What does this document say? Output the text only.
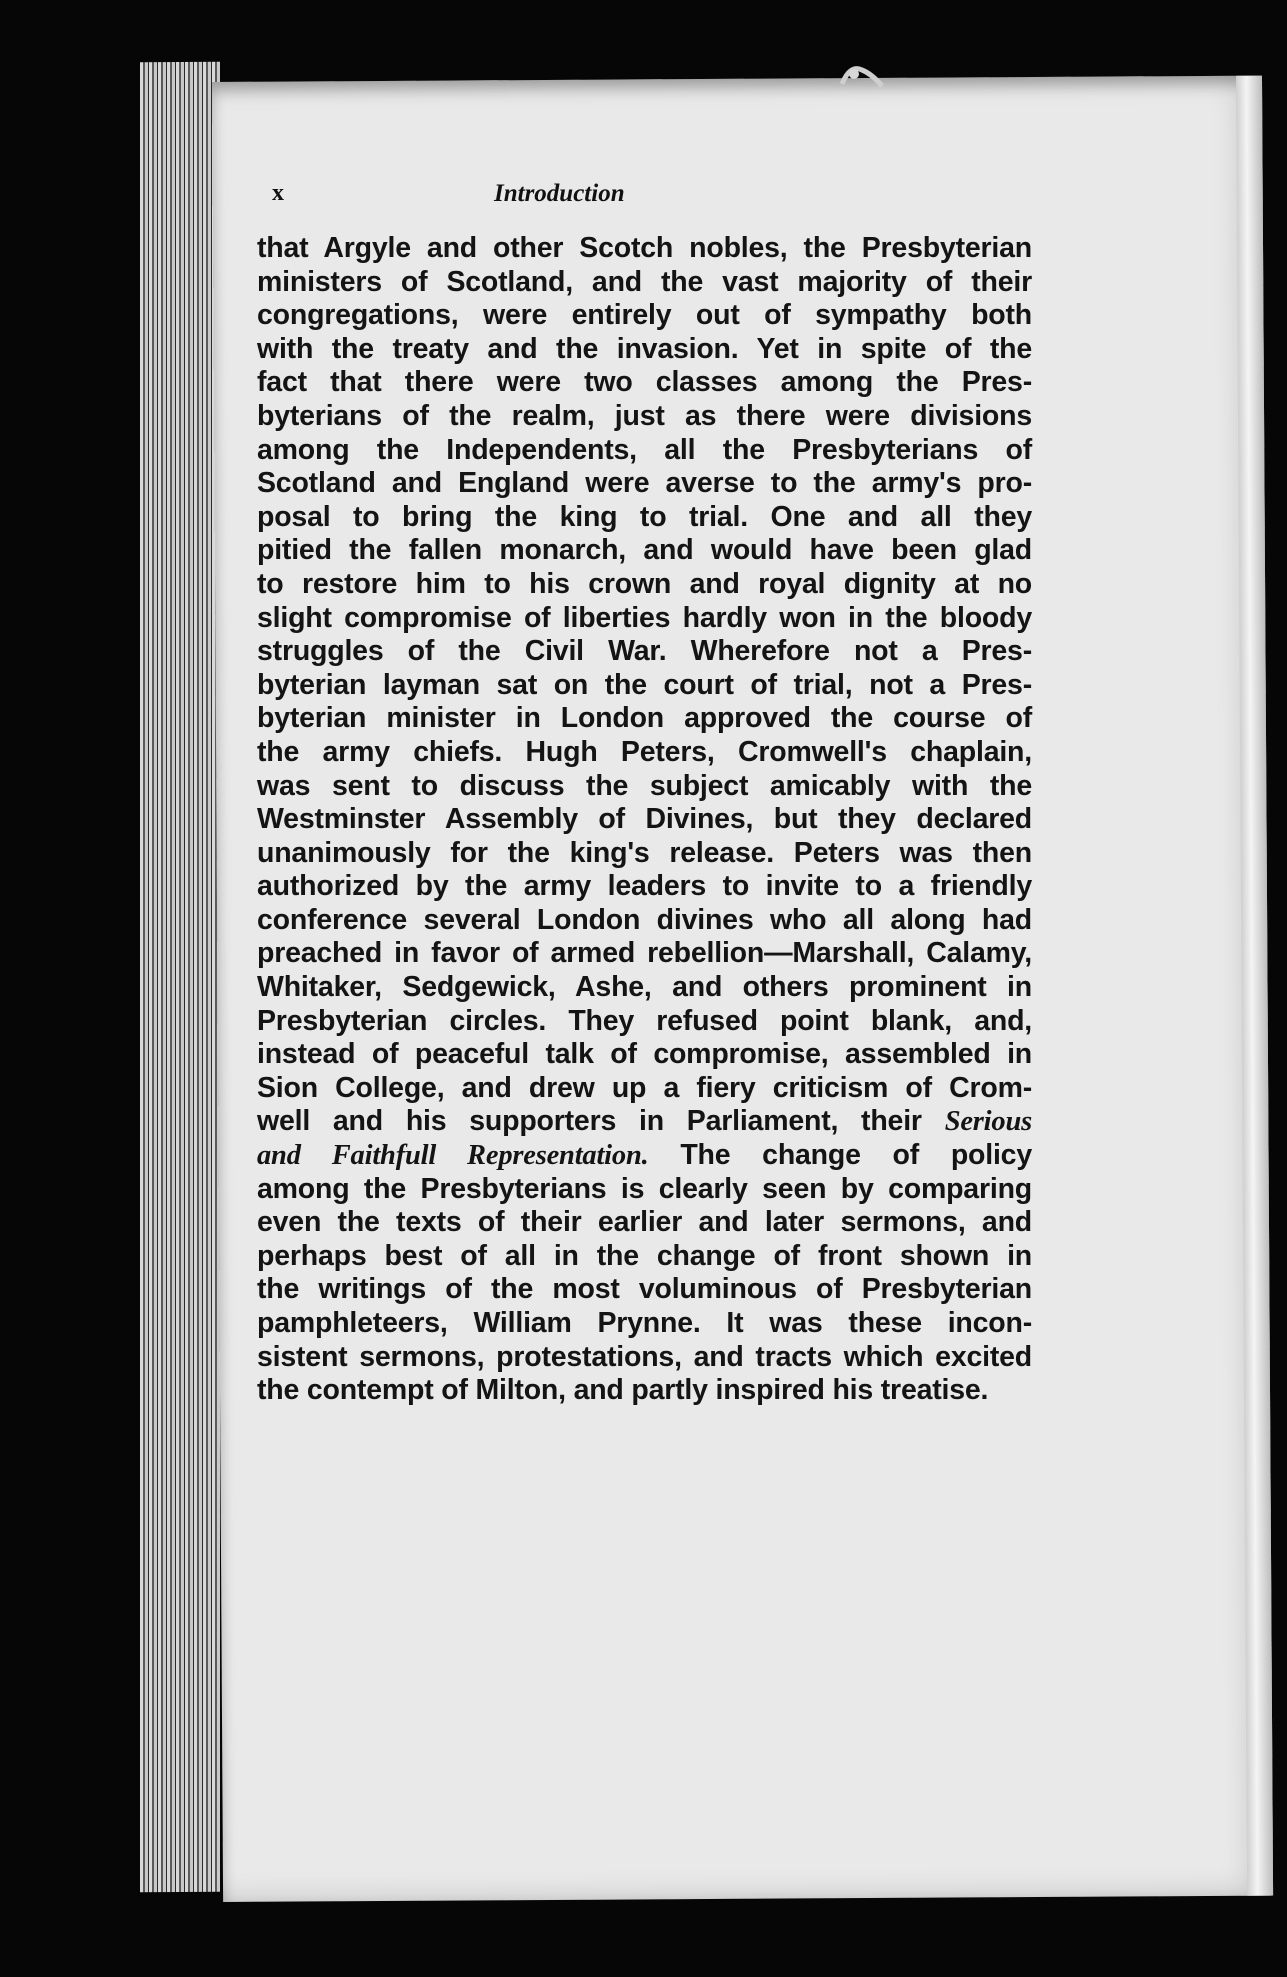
x	Introduction
that Argyle and other Scotch nobles, the Presbyterian
ministers of Scotland, and the vast majority of their
congregations, were entirely out of sympathy both
with the treaty and the invasion. Yet in spite of the
fact that there were two classes among the Pres-
byterians of the realm, just as there were divisions
among the Independents, all the Presbyterians of
Scotland and England were averse to the army's pro-
posal to bring the king to trial. One and all they
pitied the fallen monarch, and would have been glad
to restore him to his crown and royal dignity at no
slight compromise of liberties hardly won in the bloody
struggles of the Civil War. Wherefore not a Pres-
byterian layman sat on the court of trial, not a Pres-
byterian minister in London approved the course of
the army chiefs. Hugh Peters, Cromwell's chaplain,
was sent to discuss the subject amicably with the
Westminster Assembly of Divines, but they declared
unanimously for the king's release. Peters was then
authorized by the army leaders to invite to a friendly
conference several London divines who all along had
preached in favor of armed rebellion—Marshall, Calamy,
Whitaker, Sedgewick, Ashe, and others prominent in
Presbyterian circles. They refused point blank, and,
instead of peaceful talk of compromise, assembled in
Sion College, and drew up a fiery criticism of Crom-
well and his supporters in Parliament, their Serious
and Faithfull Representation. The change of policy
among the Presbyterians is clearly seen by comparing
even the texts of their earlier and later sermons, and
perhaps best of all in the change of front shown in
the writings of the most voluminous of Presbyterian
pamphleteers, William Prynne. It was these incon-
sistent sermons, protestations, and tracts which excited
the contempt of Milton, and partly inspired his treatise.
